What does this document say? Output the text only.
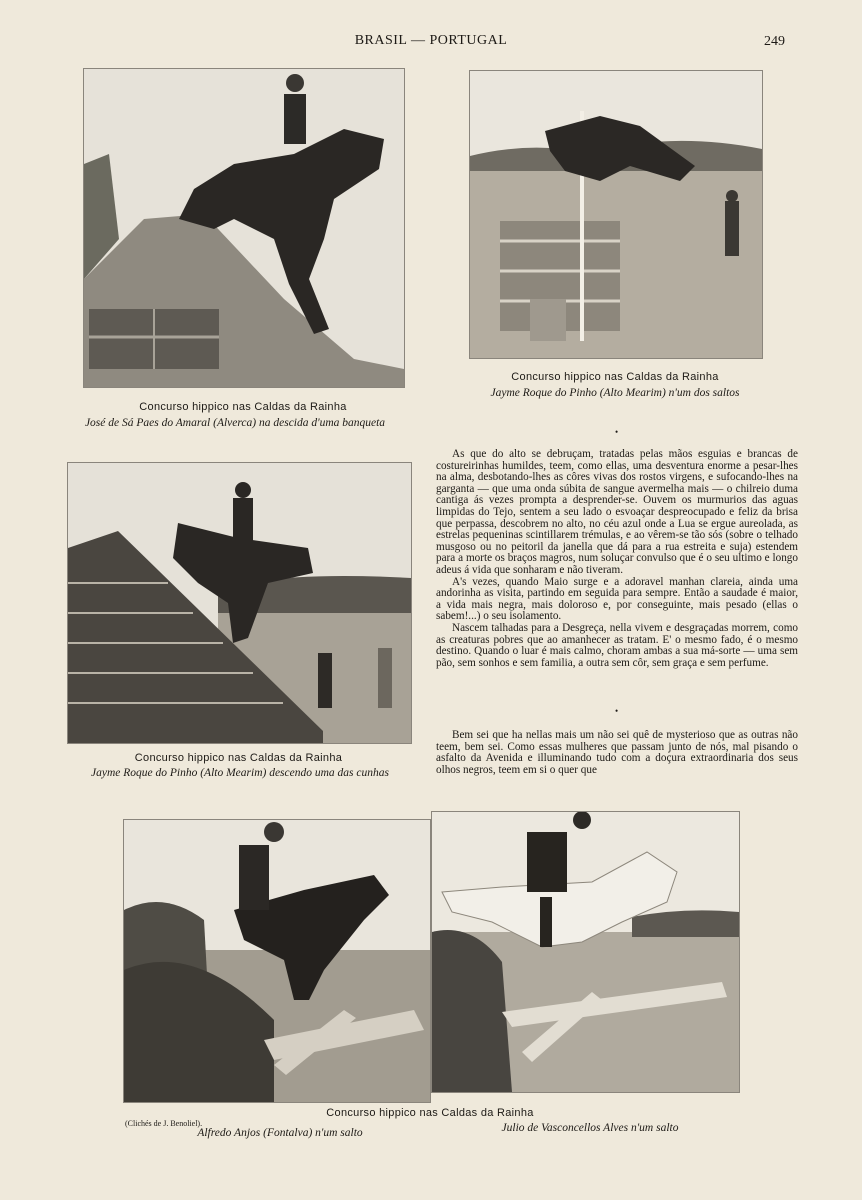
BRASIL — PORTUGAL	249
Concurso hippico nas Caldas da Rainha
José de Sá Paes do Amaral (Alverca) na descida d'uma banqueta
Concurso hippico nas Caldas da Rainha
Jayme Roque do Pinho (Alto Mearim) n'um dos saltos
Concurso hippico nas Caldas da Rainha
Jayme Roque do Pinho (Alto Mearim) descendo uma das cunhas

As que do alto se debruçam, tratadas pelas mãos esguias e brancas de costureirinhas humildes, teem, como ellas, uma desventura enorme a pesar-lhes na alma, desbotando-lhes as côres vivas dos rostos virgens, e sufocando-lhes na garganta — que uma onda súbita de sangue avermelha mais — o chilreio duma cantiga ás vezes prompta a desprender-se. Ouvem os murmurios das aguas limpidas do Tejo, sentem a seu lado o esvoaçar despreocupado e feliz da brisa que perpassa, descobrem no alto, no céu azul onde a Lua se ergue aureolada, as estrelas pequeninas scintillarem trémulas, e ao vêrem-se tão sós (sobre o telhado musgoso ou no peitoril da janella que dá para a rua estreita e suja) estendem para a morte os braços magros, num soluçar convulso que é o seu ultimo e longo adeus á vida que sonharam e não tiveram.

A's vezes, quando Maio surge e a adoravel manhan clareia, ainda uma andorinha as visita, partindo em seguida para sempre. Então a saudade é maior, a vida mais negra, mais doloroso e, por conseguinte, mais pesado (ellas o sabem!...) o seu isolamento.

Nascem talhadas para a Desgreça, nella vivem e desgraçadas morrem, como as creaturas pobres que ao amanhecer as tratam. E' o mesmo fado, é o mesmo destino. Quando o luar é mais calmo, choram ambas a sua má-sorte — uma sem pão, sem sonhos e sem familia, a outra sem côr, sem graça e sem perfume.

•
•

Bem sei que ha nellas mais um não sei quê de mysterioso que as outras não teem, bem sei. Como essas mulheres que passam junto de nós, mal pisando o asfalto da Avenida e illuminando tudo com a doçura extraordinaria dos seus olhos negros, teem em si o quer que

(Clichés de J. Benoliel).
Concurso hippico nas Caldas da Rainha
Alfredo Anjos (Fontalva) n'um salto	Julio de Vasconcellos Alves n'um salto
